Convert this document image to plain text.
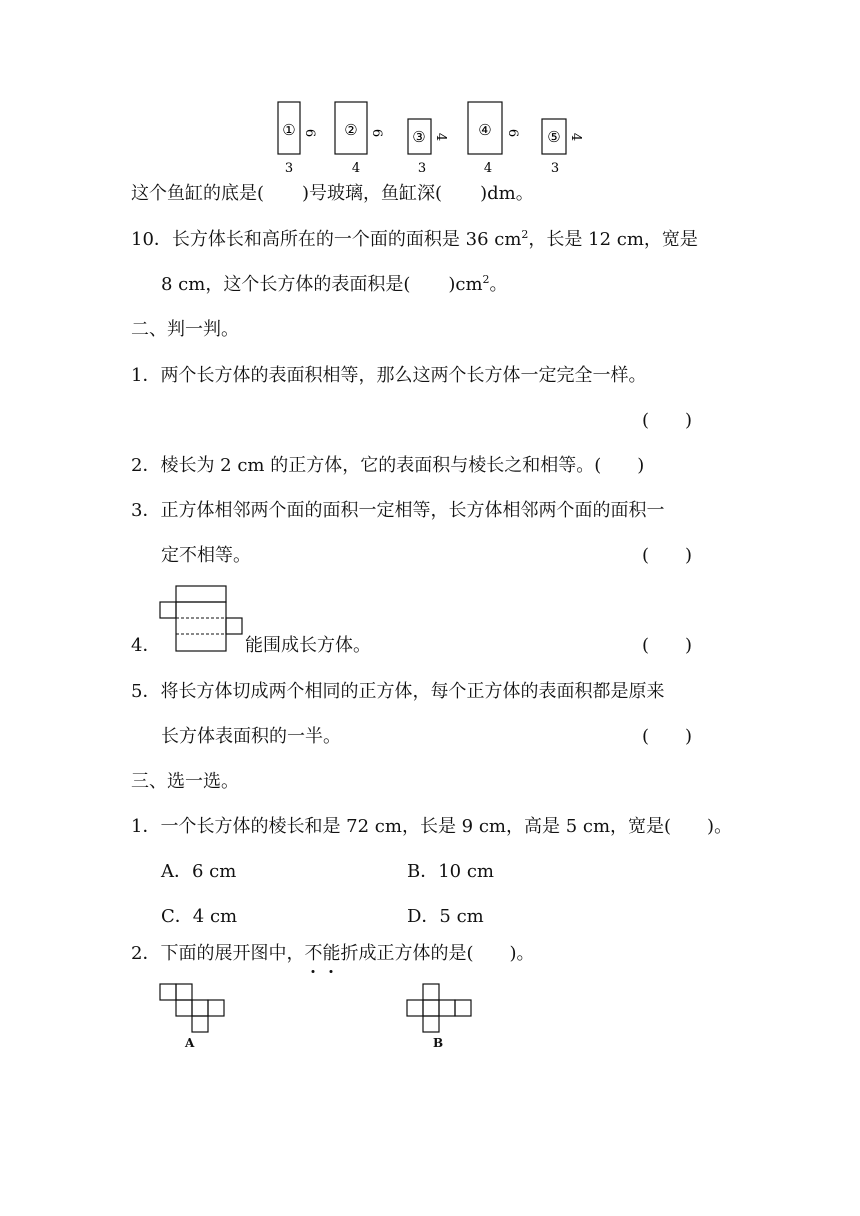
① 6
3
② 6
4
③ 4
3
④ 6
4
⑤ 4
3
这个鱼缸的底是( )号玻璃，鱼缸深( )dm。
10．长方体长和高所在的一个面的面积是 36 $cm^2$，长是 12 cm，宽是
8 cm，这个长方体的表面积是( )$cm^2$。
二、判一判。
1．两个长方体的表面积相等，那么这两个长方体一定完全一样。
(　　)
2．棱长为 2 cm 的正方体，它的表面积与棱长之和相等。(　　)
3．正方体相邻两个面的面积一定相等，长方体相邻两个面的面积一
定不相等。	(　　)
4．	能围成长方体。	(　　)
5．将长方体切成两个相同的正方体，每个正方体的表面积都是原来
长方体表面积的一半。	(　　)
三、选一选。
1．一个长方体的棱长和是 72 cm，长是 9 cm，高是 5 cm，宽是(　　)。
A．6 cm	B．10 cm
C．4 cm	D．5 cm
2．下面的展开图中，不能折成正方体的是(　　)。
A	B
